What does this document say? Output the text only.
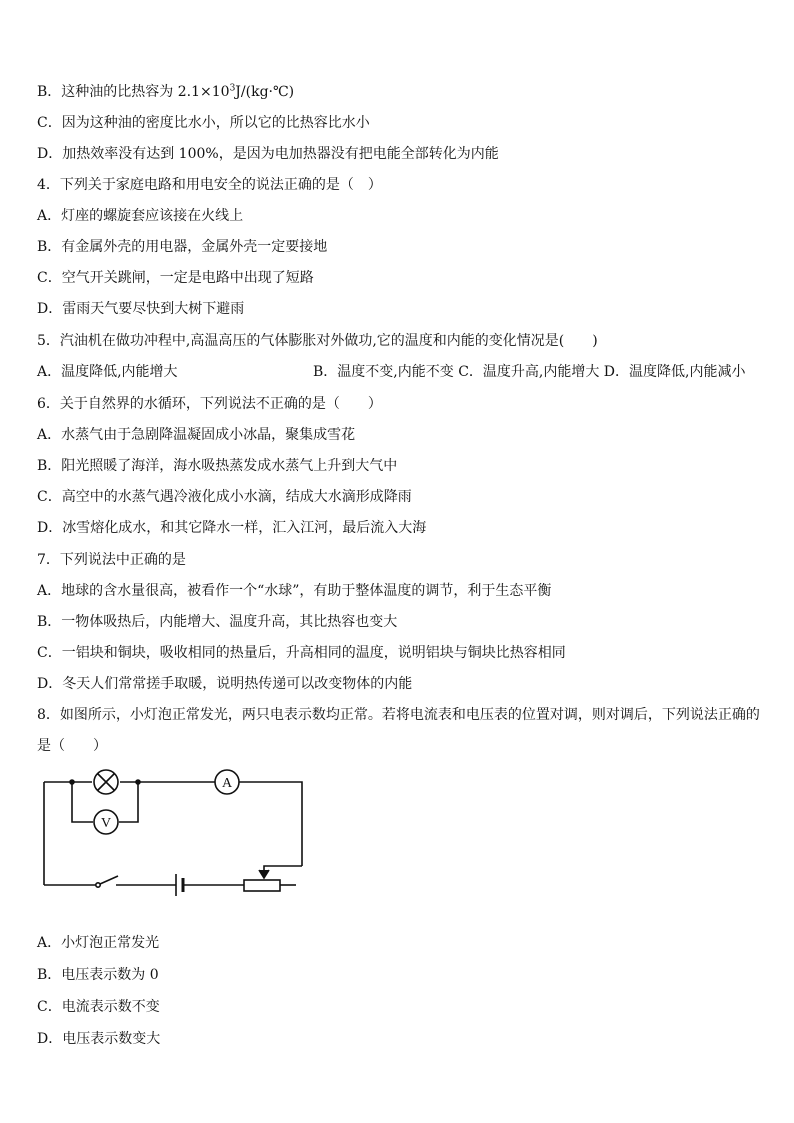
B．这种油的比热容为 $2.1\times 10^3J/(kg\cdot℃)$
C．因为这种油的密度比水小，所以它的比热容比水小
D．加热效率没有达到 100%，是因为电加热器没有把电能全部转化为内能
4．下列关于家庭电路和用电安全的说法正确的是（　）
A．灯座的螺旋套应该接在火线上
B．有金属外壳的用电器，金属外壳一定要接地
C．空气开关跳闸，一定是电路中出现了短路
D．雷雨天气要尽快到大树下避雨
5．汽油机在做功冲程中,高温高压的气体膨胀对外做功,它的温度和内能的变化情况是(　　)
A．温度降低,内能增大	B．温度不变,内能不变 C．温度升高,内能增大 D．温度降低,内能减小
6．关于自然界的水循环，下列说法不正确的是（　　）
A．水蒸气由于急剧降温凝固成小冰晶，聚集成雪花
B．阳光照暖了海洋，海水吸热蒸发成水蒸气上升到大气中
C．高空中的水蒸气遇冷液化成小水滴，结成大水滴形成降雨
D．冰雪熔化成水，和其它降水一样，汇入江河，最后流入大海
7．下列说法中正确的是
A．地球的含水量很高，被看作一个“水球”，有助于整体温度的调节，利于生态平衡
B．一物体吸热后，内能增大、温度升高，其比热容也变大
C．一铝块和铜块，吸收相同的热量后，升高相同的温度，说明铝块与铜块比热容相同
D．冬天人们常常搓手取暖，说明热传递可以改变物体的内能
8．如图所示，小灯泡正常发光，两只电表示数均正常。若将电流表和电压表的位置对调，则对调后，下列说法正确的
是（　　）
A
V
A．小灯泡正常发光
B．电压表示数为 0
C．电流表示数不变
D．电压表示数变大
